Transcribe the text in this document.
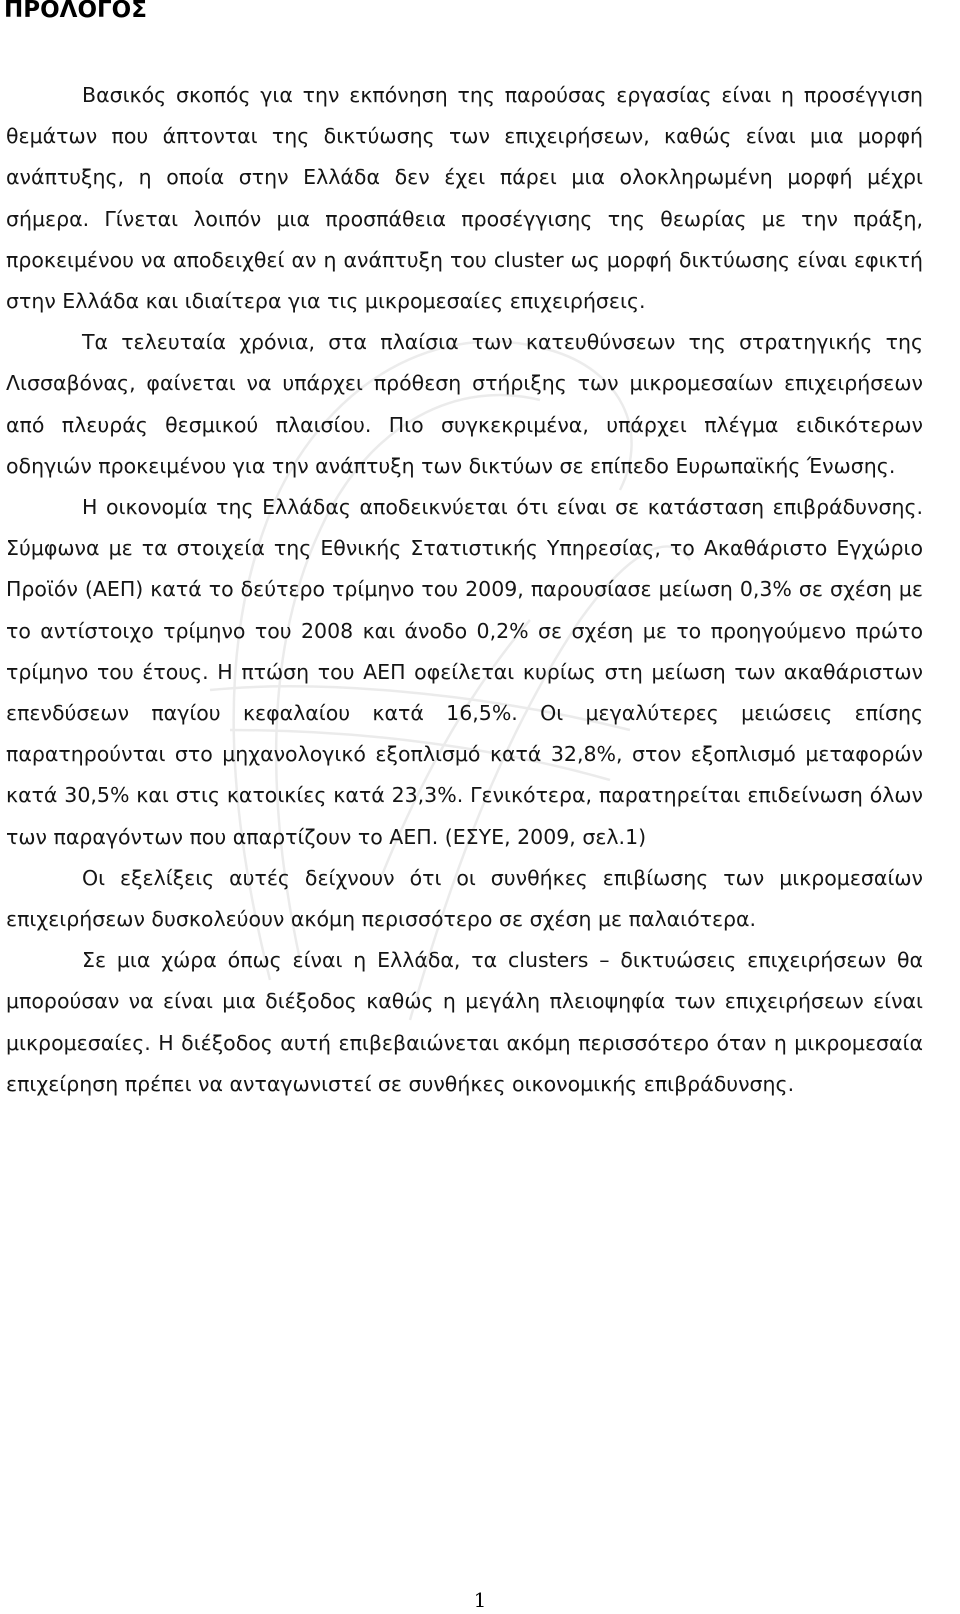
ΠΡΟΛΟΓΟΣ

Βασικός σκοπός για την εκπόνηση της παρούσας εργασίας είναι η προσέγγιση θεμάτων που άπτονται της δικτύωσης των επιχειρήσεων, καθώς είναι μια μορφή ανάπτυξης, η οποία στην Ελλάδα δεν έχει πάρει μια ολοκληρωμένη μορφή μέχρι σήμερα. Γίνεται λοιπόν μια προσπάθεια προσέγγισης της θεωρίας με την πράξη, προκειμένου να αποδειχθεί αν η ανάπτυξη του cluster ως μορφή δικτύωσης είναι εφικτή στην Ελλάδα και ιδιαίτερα για τις μικρομεσαίες επιχειρήσεις.

Τα τελευταία χρόνια, στα πλαίσια των κατευθύνσεων της στρατηγικής της Λισσαβόνας, φαίνεται να υπάρχει πρόθεση στήριξης των μικρομεσαίων επιχειρήσεων από πλευράς θεσμικού πλαισίου. Πιο συγκεκριμένα, υπάρχει πλέγμα ειδικότερων οδηγιών προκειμένου για την ανάπτυξη των δικτύων σε επίπεδο Ευρωπαϊκής Ένωσης.

Η οικονομία της Ελλάδας αποδεικνύεται ότι είναι σε κατάσταση επιβράδυνσης. Σύμφωνα με τα στοιχεία της Εθνικής Στατιστικής Υπηρεσίας, το Ακαθάριστο Εγχώριο Προϊόν (ΑΕΠ) κατά το δεύτερο τρίμηνο του 2009, παρουσίασε μείωση 0,3% σε σχέση με το αντίστοιχο τρίμηνο του 2008 και άνοδο 0,2% σε σχέση με το προηγούμενο πρώτο τρίμηνο του έτους. Η πτώση του ΑΕΠ οφείλεται κυρίως στη μείωση των ακαθάριστων επενδύσεων παγίου κεφαλαίου κατά 16,5%. Οι μεγαλύτερες μειώσεις επίσης παρατηρούνται στο μηχανολογικό εξοπλισμό κατά 32,8%, στον εξοπλισμό μεταφορών κατά 30,5% και στις κατοικίες κατά 23,3%. Γενικότερα, παρατηρείται επιδείνωση όλων των παραγόντων που απαρτίζουν το ΑΕΠ. (ΕΣΥΕ, 2009, σελ.1)

Οι εξελίξεις αυτές δείχνουν ότι οι συνθήκες επιβίωσης των μικρομεσαίων επιχειρήσεων δυσκολεύουν ακόμη περισσότερο σε σχέση με παλαιότερα.

Σε μια χώρα όπως είναι η Ελλάδα, τα clusters – δικτυώσεις επιχειρήσεων θα μπορούσαν να είναι μια διέξοδος καθώς η μεγάλη πλειοψηφία των επιχειρήσεων είναι μικρομεσαίες. Η διέξοδος αυτή επιβεβαιώνεται ακόμη περισσότερο όταν η μικρομεσαία επιχείρηση πρέπει να ανταγωνιστεί σε συνθήκες οικονομικής επιβράδυνσης.

1
